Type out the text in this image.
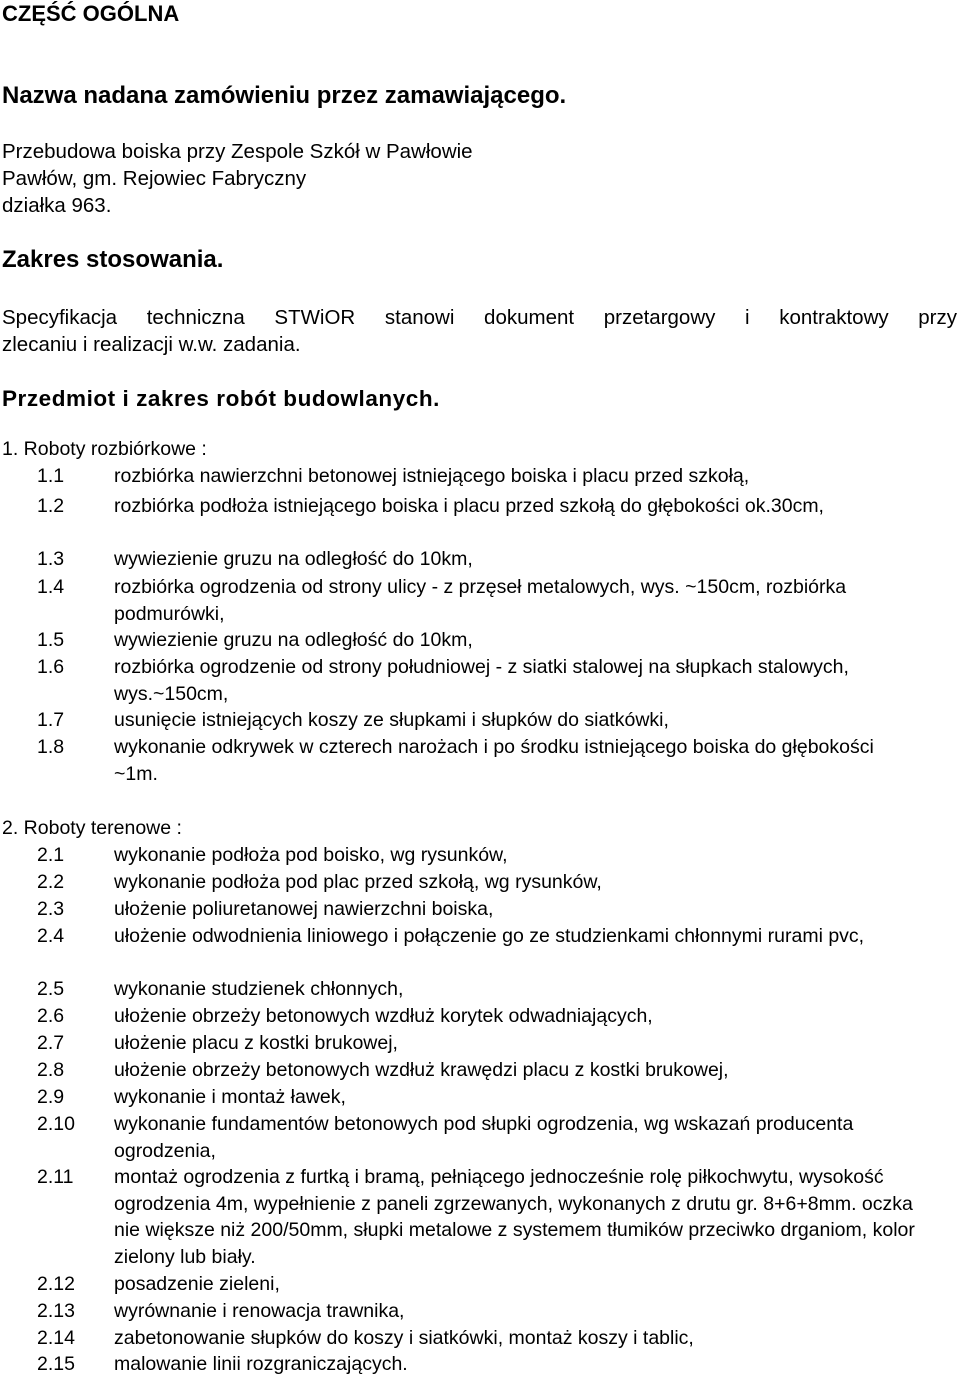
CZĘŚĆ OGÓLNA
Nazwa nadana zamówieniu przez zamawiającego.
Przebudowa boiska przy Zespole Szkół w Pawłowie
Pawłów, gm. Rejowiec Fabryczny
działka 963.
Zakres stosowania.
Specyfikacja techniczna STWiOR stanowi dokument przetargowy i kontraktowy przy
zlecaniu i realizacji w.w. zadania.
Przedmiot i zakres robót budowlanych.
1. Roboty rozbiórkowe :
1.1	rozbiórka nawierzchni betonowej istniejącego boiska i placu przed szkołą,
1.2	rozbiórka podłoża istniejącego boiska i placu przed szkołą do głębokości ok.30cm,
1.3	wywiezienie gruzu na odległość do 10km,
1.4	rozbiórka ogrodzenia od strony ulicy - z przęseł metalowych, wys. ~150cm, rozbiórka podmurówki,
1.5	wywiezienie gruzu na odległość do 10km,
1.6	rozbiórka ogrodzenie od strony południowej - z siatki stalowej na słupkach stalowych, wys.~150cm,
1.7	usunięcie istniejących koszy ze słupkami i słupków do siatkówki,
1.8	wykonanie odkrywek w czterech narożach i po środku istniejącego boiska do głębokości ~1m.
2. Roboty terenowe :
2.1	wykonanie podłoża pod boisko, wg rysunków,
2.2	wykonanie podłoża pod plac przed szkołą, wg rysunków,
2.3	ułożenie poliuretanowej nawierzchni boiska,
2.4	ułożenie odwodnienia liniowego i połączenie go ze studzienkami chłonnymi rurami pvc,
2.5	wykonanie studzienek chłonnych,
2.6	ułożenie obrzeży betonowych wzdłuż korytek odwadniających,
2.7	ułożenie placu z kostki brukowej,
2.8	ułożenie obrzeży betonowych wzdłuż krawędzi placu z kostki brukowej,
2.9	wykonanie i montaż ławek,
2.10 wykonanie fundamentów betonowych pod słupki ogrodzenia, wg wskazań producenta ogrodzenia,
2.11 montaż ogrodzenia z furtką i bramą, pełniącego jednocześnie rolę piłkochwytu, wysokość ogrodzenia 4m, wypełnienie z paneli zgrzewanych, wykonanych z drutu gr. 8+6+8mm. oczka nie większe niż 200/50mm, słupki metalowe z systemem tłumików przeciwko drganiom, kolor zielony lub biały.
2.12 posadzenie zieleni,
2.13 wyrównanie i renowacja trawnika,
2.14 zabetonowanie słupków do koszy i siatkówki, montaż koszy i tablic,
2.15 malowanie linii rozgraniczających.
